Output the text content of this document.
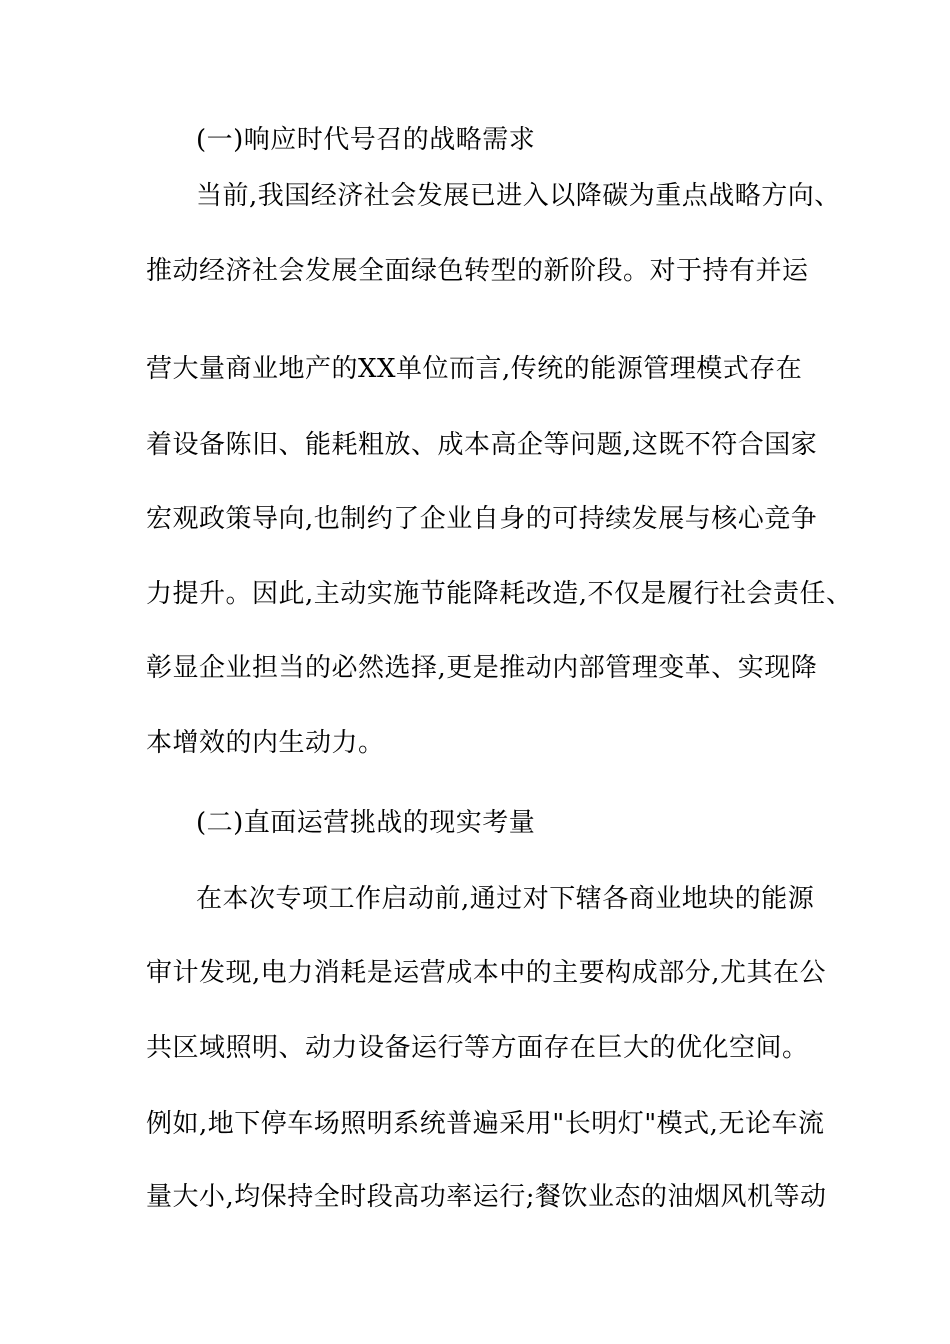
(一)响应时代号召的战略需求
当前,我国经济社会发展已进入以降碳为重点战略方向、
推动经济社会发展全面绿色转型的新阶段。对于持有并运
营大量商业地产的XX单位而言,传统的能源管理模式存在
着设备陈旧、能耗粗放、成本高企等问题,这既不符合国家
宏观政策导向,也制约了企业自身的可持续发展与核心竞争
力提升。因此,主动实施节能降耗改造,不仅是履行社会责任、
彰显企业担当的必然选择,更是推动内部管理变革、实现降
本增效的内生动力。
(二)直面运营挑战的现实考量
在本次专项工作启动前,通过对下辖各商业地块的能源
审计发现,电力消耗是运营成本中的主要构成部分,尤其在公
共区域照明、动力设备运行等方面存在巨大的优化空间。
例如,地下停车场照明系统普遍采用"长明灯"模式,无论车流
量大小,均保持全时段高功率运行;餐饮业态的油烟风机等动
